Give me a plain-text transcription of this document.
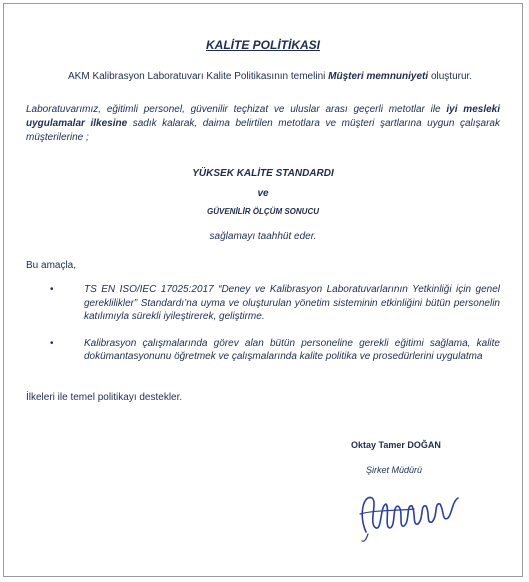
KALİTE POLİTİKASI
AKM Kalibrasyon Laboratuvarı Kalite Politikasının temelini Müşteri memnuniyeti oluşturur.
Laboratuvarımız, eğitimli personel, güvenilir teçhizat ve uluslar arası geçerli metotlar ile iyi mesleki uygulamalar ilkesine sadık kalarak, daima belirtilen metotlara ve müşteri şartlarına uygun çalışarak müşterilerine ;
YÜKSEK KALİTE STANDARDI
ve
GÜVENİLİR ÖLÇÜM SONUCU
sağlamayı taahhüt eder.
Bu amaçla,
•	TS EN ISO/IEC 17025:2017 “Deney ve Kalibrasyon Laboratuvarlarının Yetkinliği için genel gereklilikler” Standardı’na uyma ve oluşturulan yönetim sisteminin etkinliğini bütün personelin katılımıyla sürekli iyileştirerek, geliştirme.
•	Kalibrasyon çalışmalarında görev alan bütün personeline gerekli eğitimi sağlama, kalite dokümantasyonunu öğretmek ve çalışmalarında kalite politika ve prosedürlerini uygulatma
İlkeleri ile temel politikayı destekler.
Oktay Tamer DOĞAN
Şirket Müdürü
